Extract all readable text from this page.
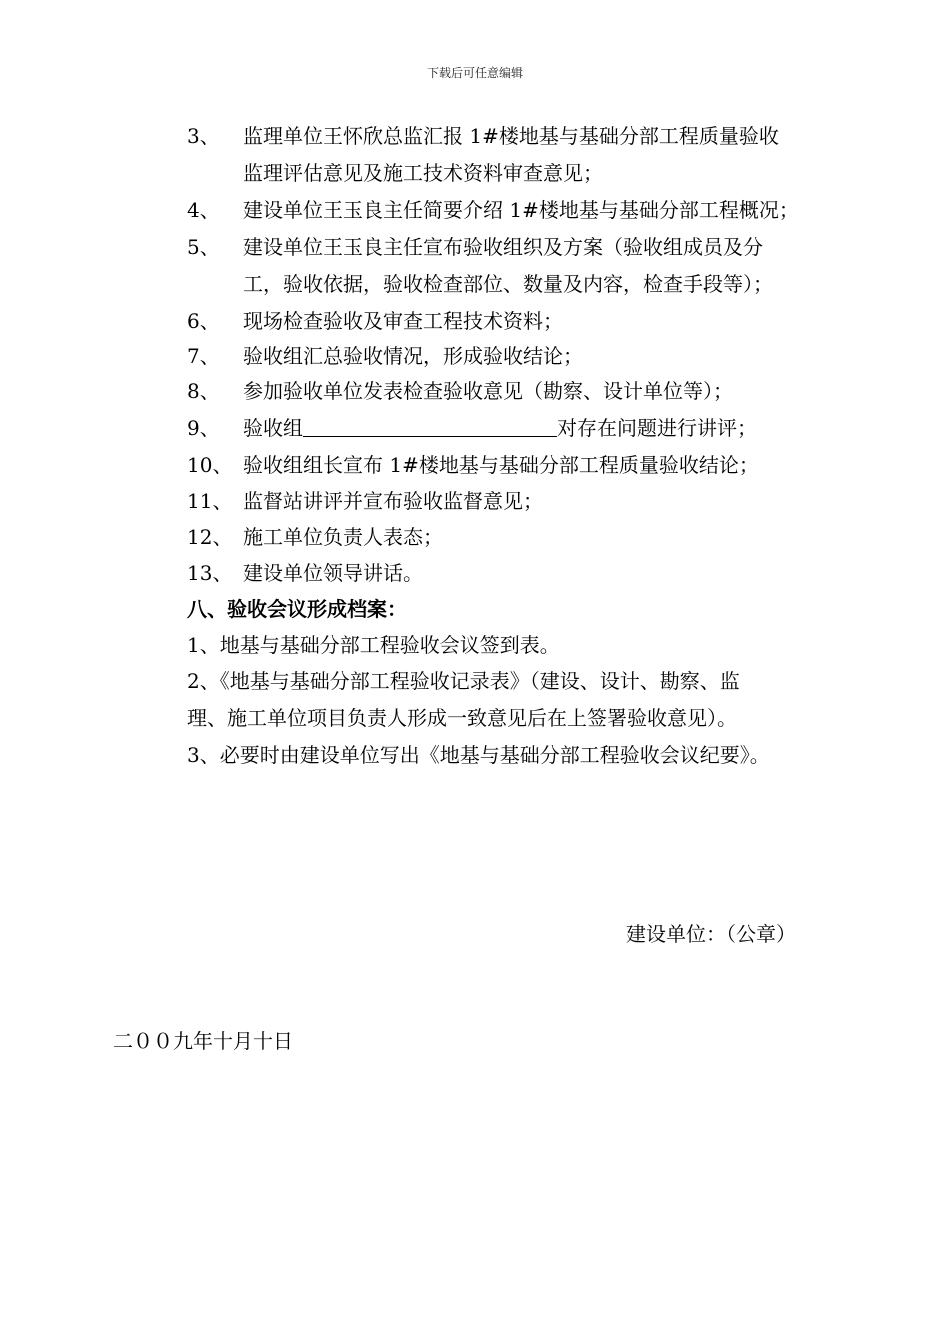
下载后可任意编辑
3、 监理单位王怀欣总监汇报 1#楼地基与基础分部工程质量验收
监理评估意见及施工技术资料审查意见；
4、 建设单位王玉良主任简要介绍 1#楼地基与基础分部工程概况；
5、 建设单位王玉良主任宣布验收组织及方案（验收组成员及分
工，验收依据，验收检查部位、数量及内容，检查手段等）；
6、 现场检查验收及审查工程技术资料；
7、 验收组汇总验收情况，形成验收结论；
8、 参加验收单位发表检查验收意见（勘察、设计单位等）；
9、 验收组	对存在问题进行讲评；
10、 验收组组长宣布 1#楼地基与基础分部工程质量验收结论；
11、 监督站讲评并宣布验收监督意见；
12、 施工单位负责人表态；
13、 建设单位领导讲话。
八、验收会议形成档案：
1、地基与基础分部工程验收会议签到表。
2、《地基与基础分部工程验收记录表》（建设、设计、勘察、监
理、施工单位项目负责人形成一致意见后在上签署验收意见）。
3、必要时由建设单位写出《地基与基础分部工程验收会议纪要》。
建设单位：（公章）
二００九年十月十日
